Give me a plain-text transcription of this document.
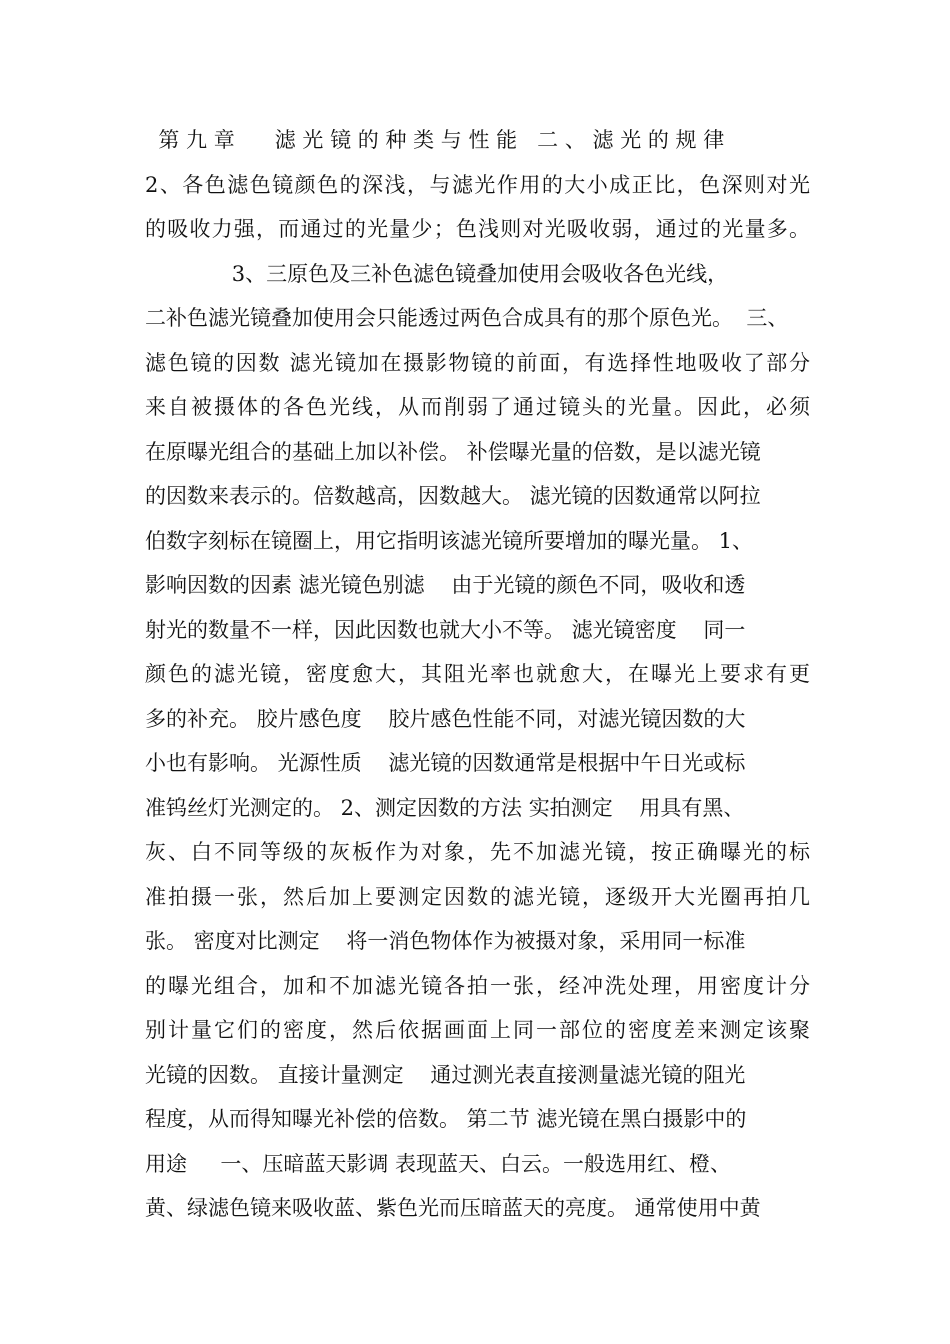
第 九 章      滤 光 镜 的 种 类 与 性 能   二 、 滤 光 的 规 律
2、各色滤色镜颜色的深浅，与滤光作用的大小成正比，色深则对光
的吸收力强，而通过的光量少；色浅则对光吸收弱，通过的光量多。
3、三原色及三补色滤色镜叠加使用会吸收各色光线，
二补色滤光镜叠加使用会只能透过两色合成具有的那个原色光。  三、
滤色镜的因数 滤光镜加在摄影物镜的前面，有选择性地吸收了部分
来自被摄体的各色光线，从而削弱了通过镜头的光量。因此，必须
在原曝光组合的基础上加以补偿。 补偿曝光量的倍数，是以滤光镜
的因数来表示的。倍数越高，因数越大。 滤光镜的因数通常以阿拉
伯数字刻标在镜圈上，用它指明该滤光镜所要增加的曝光量。 1、
影响因数的因素 滤光镜色别滤    由于光镜的颜色不同，吸收和透
射光的数量不一样，因此因数也就大小不等。 滤光镜密度    同一
颜色的滤光镜，密度愈大，其阻光率也就愈大，在曝光上要求有更
多的补充。 胶片感色度    胶片感色性能不同，对滤光镜因数的大
小也有影响。 光源性质    滤光镜的因数通常是根据中午日光或标
准钨丝灯光测定的。 2、测定因数的方法 实拍测定    用具有黑、
灰、白不同等级的灰板作为对象，先不加滤光镜，按正确曝光的标
准拍摄一张，然后加上要测定因数的滤光镜，逐级开大光圈再拍几
张。 密度对比测定    将一消色物体作为被摄对象，采用同一标准
的曝光组合，加和不加滤光镜各拍一张，经冲洗处理，用密度计分
别计量它们的密度，然后依据画面上同一部位的密度差来测定该聚
光镜的因数。 直接计量测定    通过测光表直接测量滤光镜的阻光
程度，从而得知曝光补偿的倍数。 第二节 滤光镜在黑白摄影中的
用途     一、压暗蓝天影调 表现蓝天、白云。一般选用红、橙、
黄、绿滤色镜来吸收蓝、紫色光而压暗蓝天的亮度。 通常使用中黄
